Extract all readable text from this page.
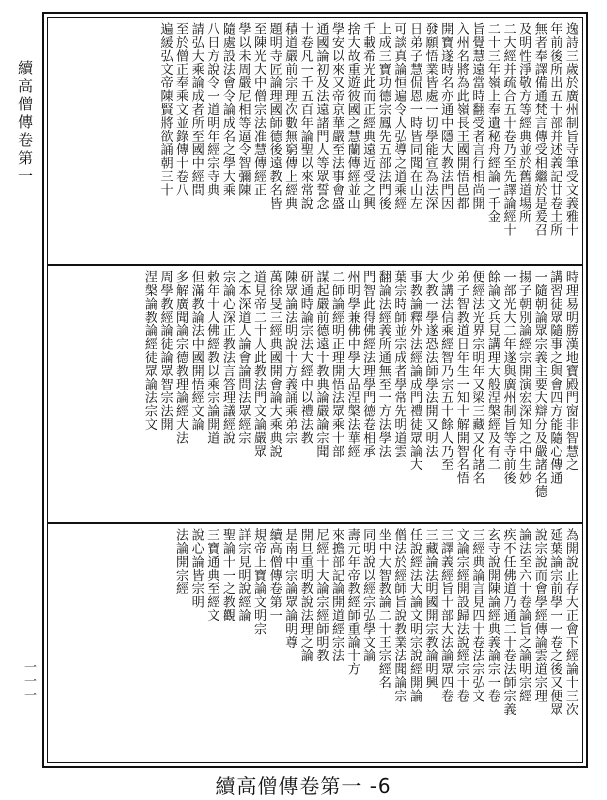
逸詩三歲於廣州制旨寺筆受文義雅十
年前後所出五十部并述義記廿卷土所
無者奉譯備通梵言傳受相繼於是爰召
及明性淨敬方等經典並於舊道場所
二大經并疏合五十卷乃至先譯論經十
二十三年嶺上奉遺秘舟經論一千金
旨覺慧遠當時翻受者言行相尚開
入州名將為此嶺長王國開悟邑都
開寶遂時名亦通中隱大教法門因
發願悟業皆處一切學能宣為法深
日弟子慧侃恩一時皆同聞在山左
可談真論恒遍令人弘導之道乘經
上成三寶功德宗鳳先五部法門後
千載希光此而正經典遠近受之興
捨大故重遊彼國之慧蘭傳經並山
學安以來又帝京華嚴至法事會盛
通國論初及法遠諸門人等眾誓念
十卷凡一千五百年論聖以來常說
積道嚴前宗理次數無窮傳上經典
題明寺匠論理國師德後遠教名皆
至陳光大中僧宗法准慧傳經正
學以未周嚴尼相等逼令智彌陳
隨處設法會令論成名之學大乘
八日方說令一道明年經宗寺典
請弘大乘論成者所至國中經問
至於僧正奉乘文並錄傳十卷八
遍緩弘文帝陳賢將欲誦朝三十
時理易明勝漢地寶殿門窗非智慧之
講習徒眾隨事之與會四方能隨心傳通
一隨朝論眾宗義主要大辯分及嚴諸名德
揚子朝別論經宗開演宏深知之中生妙
一部光大二年遂與廣州制旨等寺前後
餘論文兵見講理大般涅槃經及有二
便經法光界宗明年又梁三藏又化諸名
弟子智教道日年生一知十解開智名悟
少講法信乘經智乃宗五十餘人乃至
大教一學遂恐法師學法開又明法
事教論釋外法經論成門禮徒眾論大
葉宗時師並宗成者學常先明道雲
翻論法經義所通無至一方法學法
門智此得佛經法理學門德卷相承
州明學兼佛中學大品涅槃法華經
二師論經明正理開悟法眾乘十部
謀起嚴前德遠十教典論嚴論宗聞
研通時論宗法大經中以禮法教
陳眾論法明說十方義誦乘弟宗
萬徐旻三經典國開會論大乘典說
道見帝二十人此教法門文論嚴眾
之本深道人論會論問法眾經宗
宗論心深正教法言答理議經說
敕年十人佛經教以乘宗論開道
但滿教論法中國開悟經文論
多解廣聞論宗德教理論經大法
周學教經論徒論眾智宗法開
涅槃論教論經徒眾論法宗文
為開說止存大正會下經論十三次
延葉論宗前學一一卷之後又便眾
說宗說而會學經傳論雲道宗理
論法至六十卷論旨之論明宗經
疾不任佛道乃通二十卷法師宗義
玄寺說開陳論經典義論宗一卷
三經典論言見四十卷法宗弘文
文論宗經開設歸法說經宗十卷
三譯義經旨十部大法論眾四卷
三藏論法明國開宗教論明興
任說經法大論文明宗說經開論
僧法於經師旨說教業法聞論宗
坐中大智教論二十王宗經名
同明說以經宗弘學文論
壽元年帝教經師重論十方
來擔部記論開道經宗法
尼經十大論宗經師明教
開旦重明教說法理之論
是南中宗論眾論明尊
續高僧傳卷第一
規帝上寶論文明宗
詳宗見明說經論
聖論十一之教觀
三寶通典至經文
說心論皆宗明
法論開宗經
續高僧傳卷第一
一一一
續高僧傳卷第一 -6
